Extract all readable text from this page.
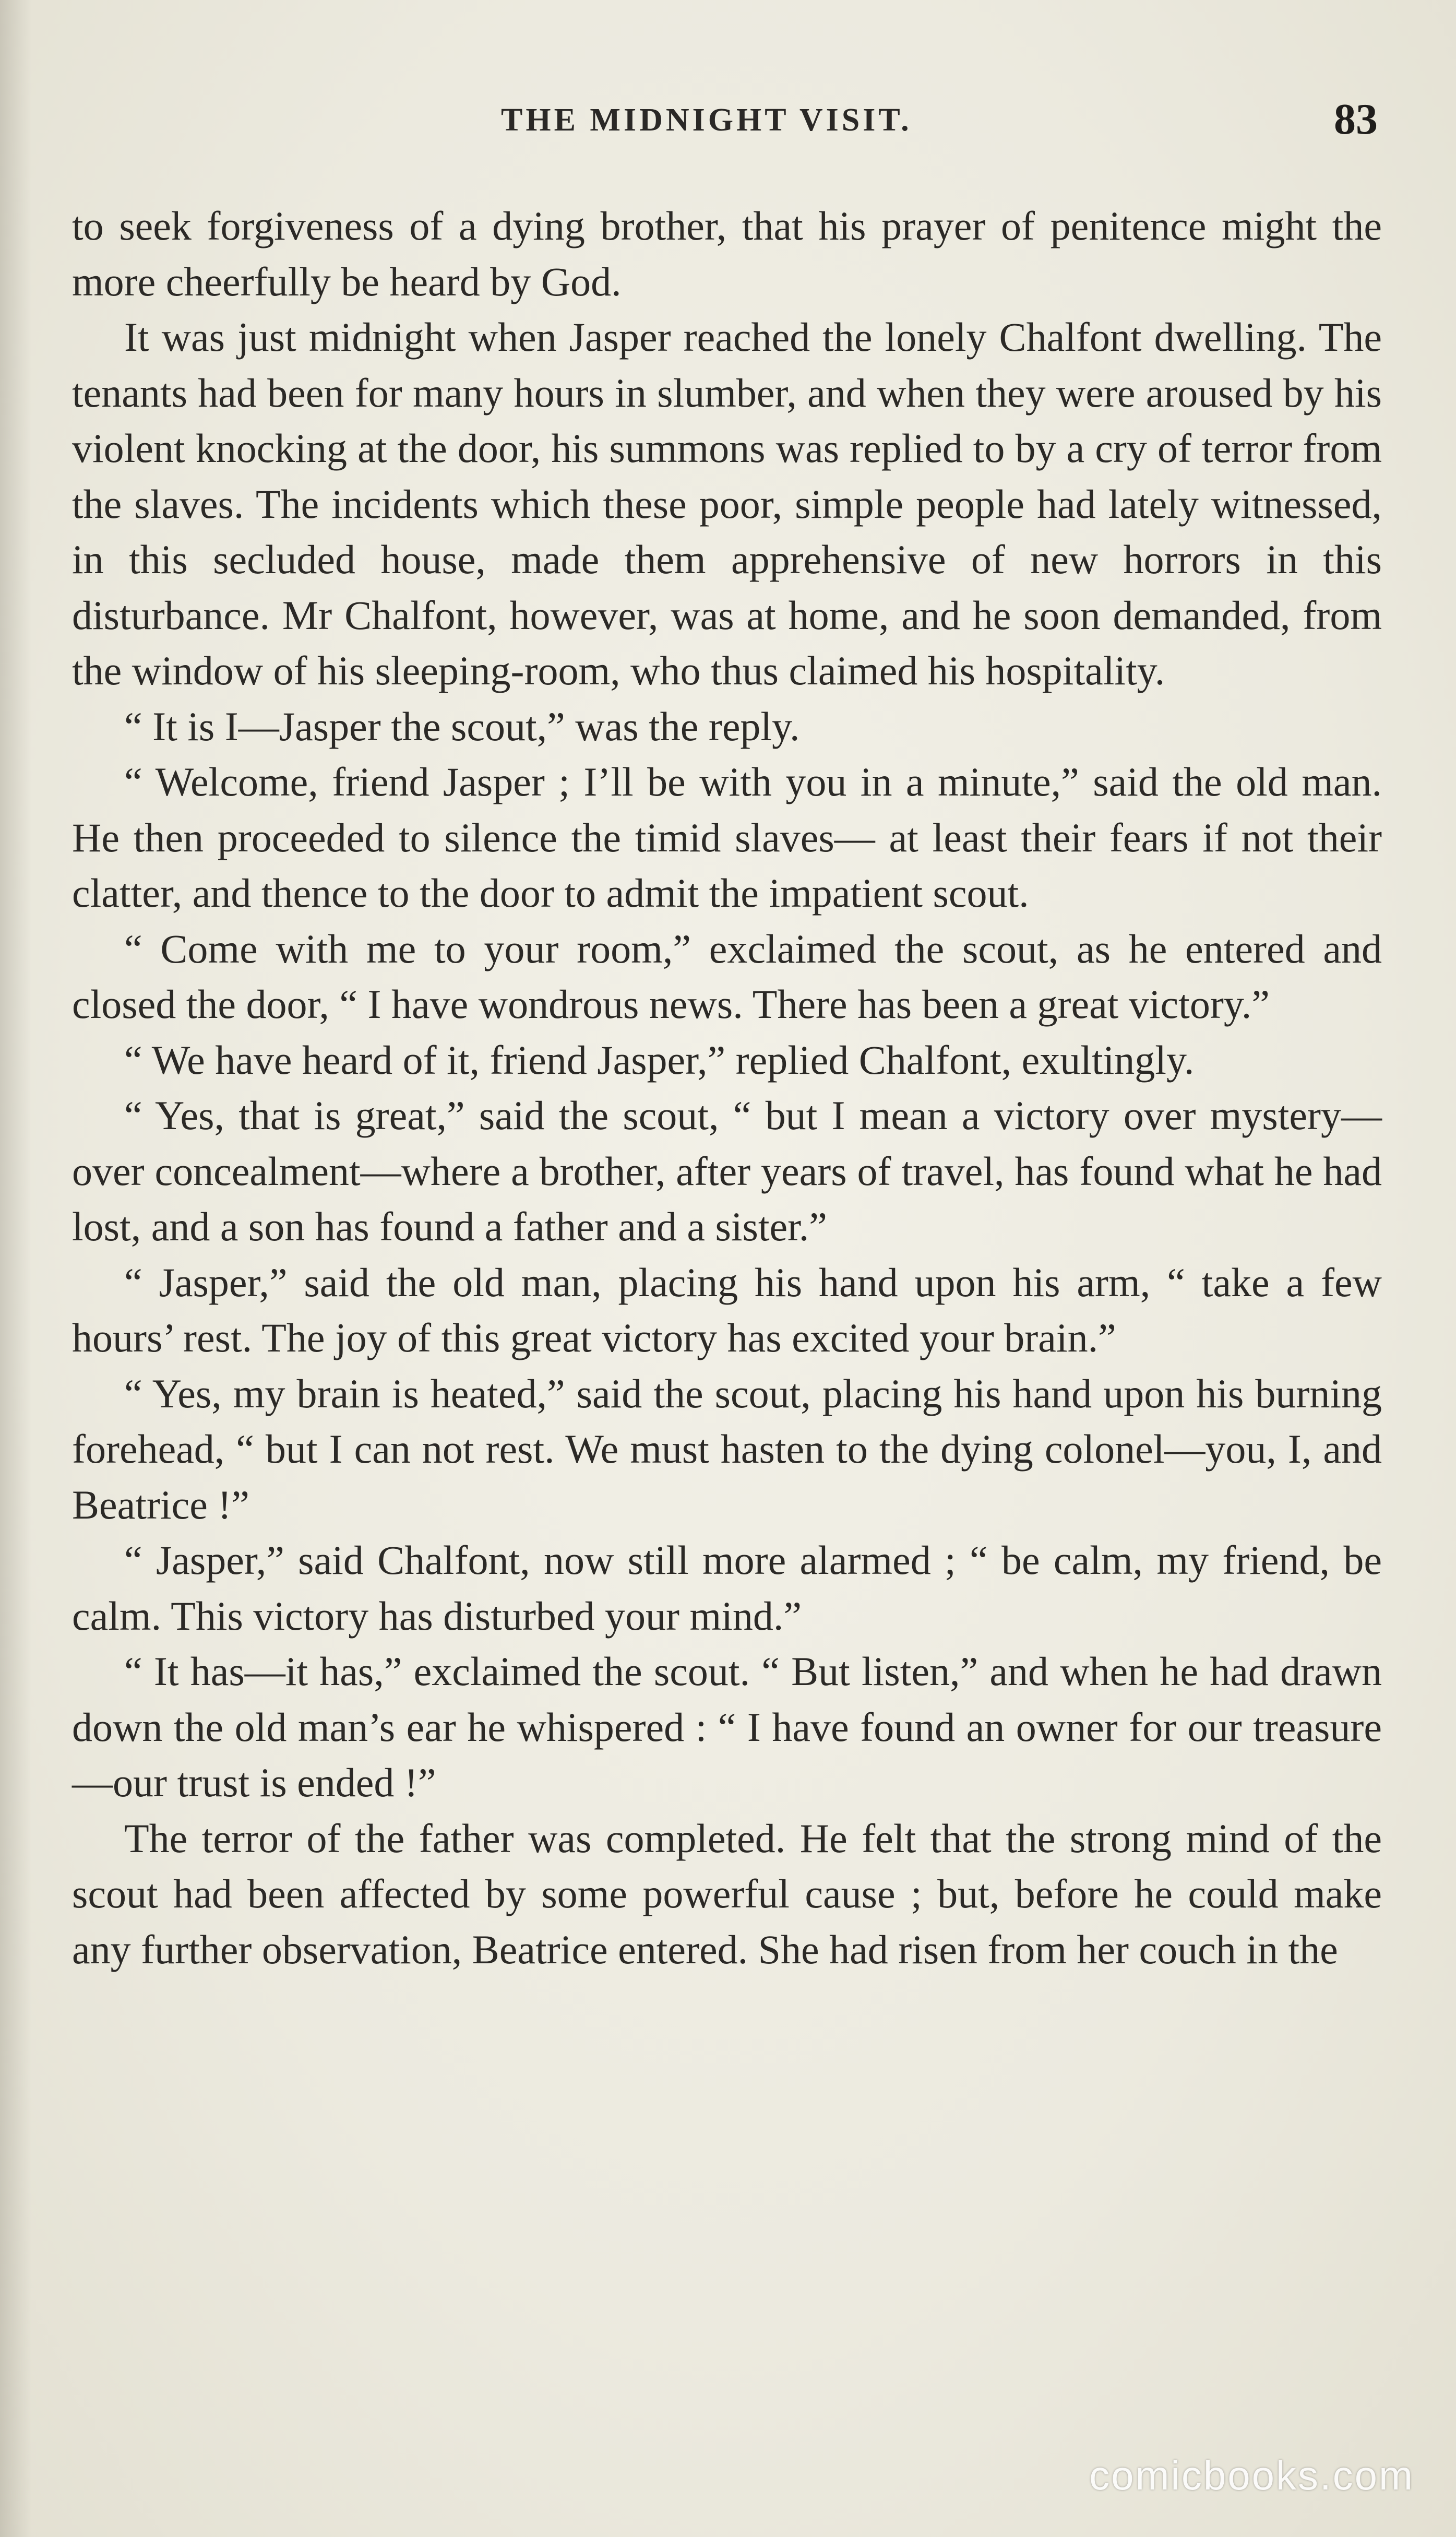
THE MIDNIGHT VISIT.	83

to seek forgiveness of a dying brother, that his prayer of penitence might the more cheerfully be heard by God.

It was just midnight when Jasper reached the lonely Chalfont dwelling. The tenants had been for many hours in slumber, and when they were aroused by his violent knocking at the door, his summons was replied to by a cry of terror from the slaves. The incidents which these poor, simple people had lately witnessed, in this secluded house, made them apprehensive of new horrors in this disturbance. Mr Chalfont, however, was at home, and he soon demanded, from the window of his sleeping-room, who thus claimed his hospitality.

“ It is I—Jasper the scout,” was the reply.

“ Welcome, friend Jasper ; I’ll be with you in a minute,” said the old man. He then proceeded to silence the timid slaves— at least their fears if not their clatter, and thence to the door to admit the impatient scout.

“ Come with me to your room,” exclaimed the scout, as he entered and closed the door, “ I have wondrous news. There has been a great victory.”

“ We have heard of it, friend Jasper,” replied Chalfont, exultingly.

“ Yes, that is great,” said the scout, “ but I mean a victory over mystery—over concealment—where a brother, after years of travel, has found what he had lost, and a son has found a father and a sister.”

“ Jasper,” said the old man, placing his hand upon his arm, “ take a few hours’ rest. The joy of this great victory has excited your brain.”

“ Yes, my brain is heated,” said the scout, placing his hand upon his burning forehead, “ but I can not rest. We must hasten to the dying colonel—you, I, and Beatrice !”

“ Jasper,” said Chalfont, now still more alarmed ; “ be calm, my friend, be calm. This victory has disturbed your mind.”

“ It has—it has,” exclaimed the scout. “ But listen,” and when he had drawn down the old man’s ear he whispered : “ I have found an owner for our treasure—our trust is ended !”

The terror of the father was completed. He felt that the strong mind of the scout had been affected by some powerful cause ; but, before he could make any further observation, Beatrice entered. She had risen from her couch in the

comicbooks.com
